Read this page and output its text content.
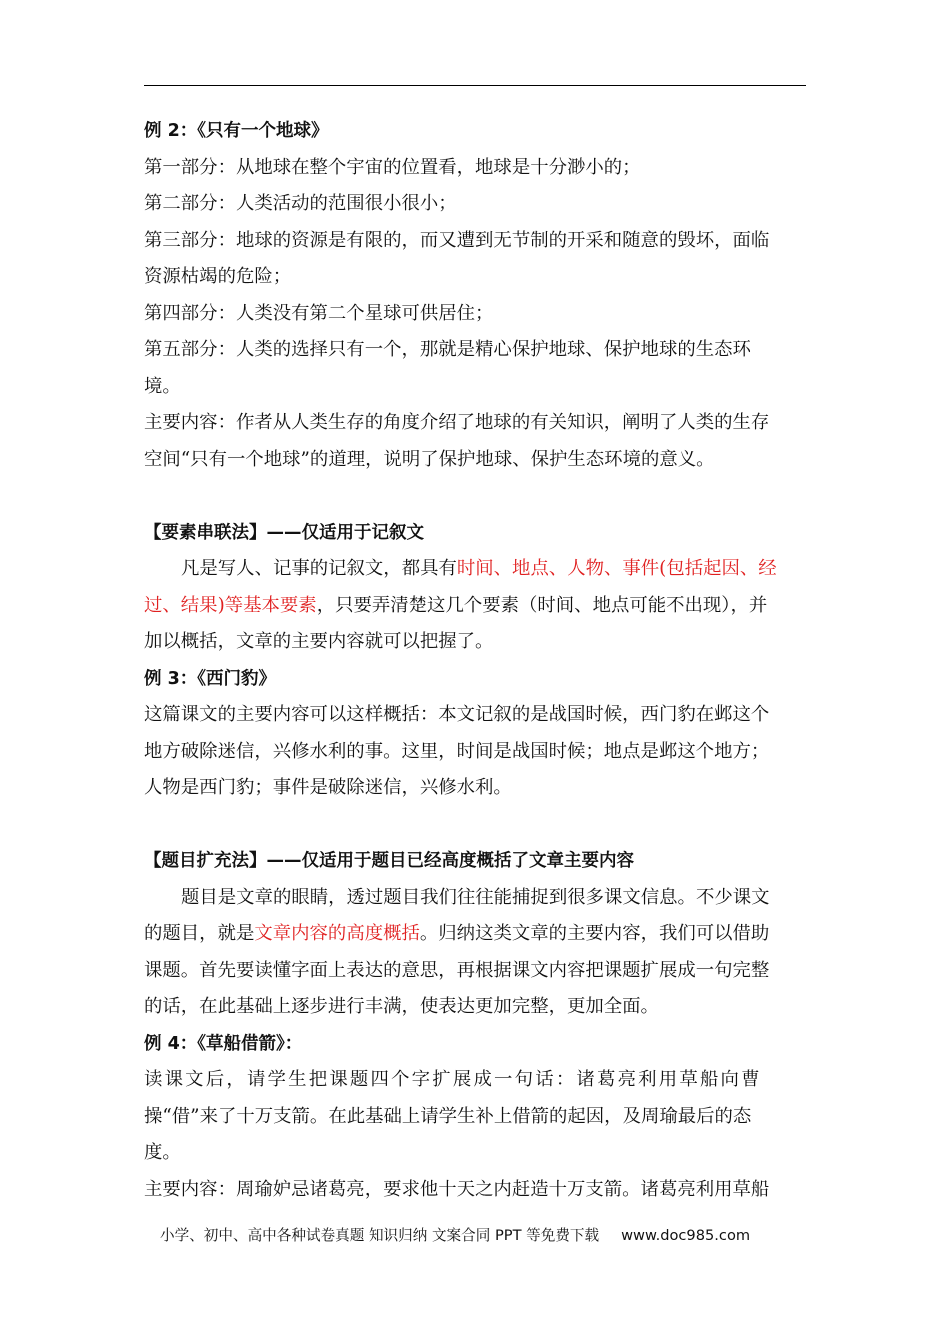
例 2：《只有一个地球》
第一部分：从地球在整个宇宙的位置看，地球是十分渺小的；
第二部分：人类活动的范围很小很小；
第三部分：地球的资源是有限的，而又遭到无节制的开采和随意的毁坏，面临
资源枯竭的危险；
第四部分：人类没有第二个星球可供居住；
第五部分：人类的选择只有一个，那就是精心保护地球、保护地球的生态环
境。
主要内容：作者从人类生存的角度介绍了地球的有关知识，阐明了人类的生存
空间“只有一个地球”的道理，说明了保护地球、保护生态环境的意义。
【要素串联法】——仅适用于记叙文
凡是写人、记事的记叙文，都具有时间、地点、人物、事件(包括起因、经
过、结果)等基本要素，只要弄清楚这几个要素（时间、地点可能不出现），并
加以概括，文章的主要内容就可以把握了。
例 3：《西门豹》
这篇课文的主要内容可以这样概括：本文记叙的是战国时候，西门豹在邺这个
地方破除迷信，兴修水利的事。这里，时间是战国时候；地点是邺这个地方；
人物是西门豹；事件是破除迷信，兴修水利。
【题目扩充法】——仅适用于题目已经高度概括了文章主要内容
题目是文章的眼睛，透过题目我们往往能捕捉到很多课文信息。不少课文
的题目，就是文章内容的高度概括。归纳这类文章的主要内容，我们可以借助
课题。首先要读懂字面上表达的意思，再根据课文内容把课题扩展成一句完整
的话，在此基础上逐步进行丰满，使表达更加完整，更加全面。
例 4：《草船借箭》：
读课文后，请学生把课题四个字扩展成一句话：诸葛亮利用草船向曹
操“借”来了十万支箭。在此基础上请学生补上借箭的起因，及周瑜最后的态
度。
主要内容：周瑜妒忌诸葛亮，要求他十天之内赶造十万支箭。诸葛亮利用草船
小学、初中、高中各种试卷真题 知识归纳 文案合同 PPT 等免费下载 www.doc985.com
